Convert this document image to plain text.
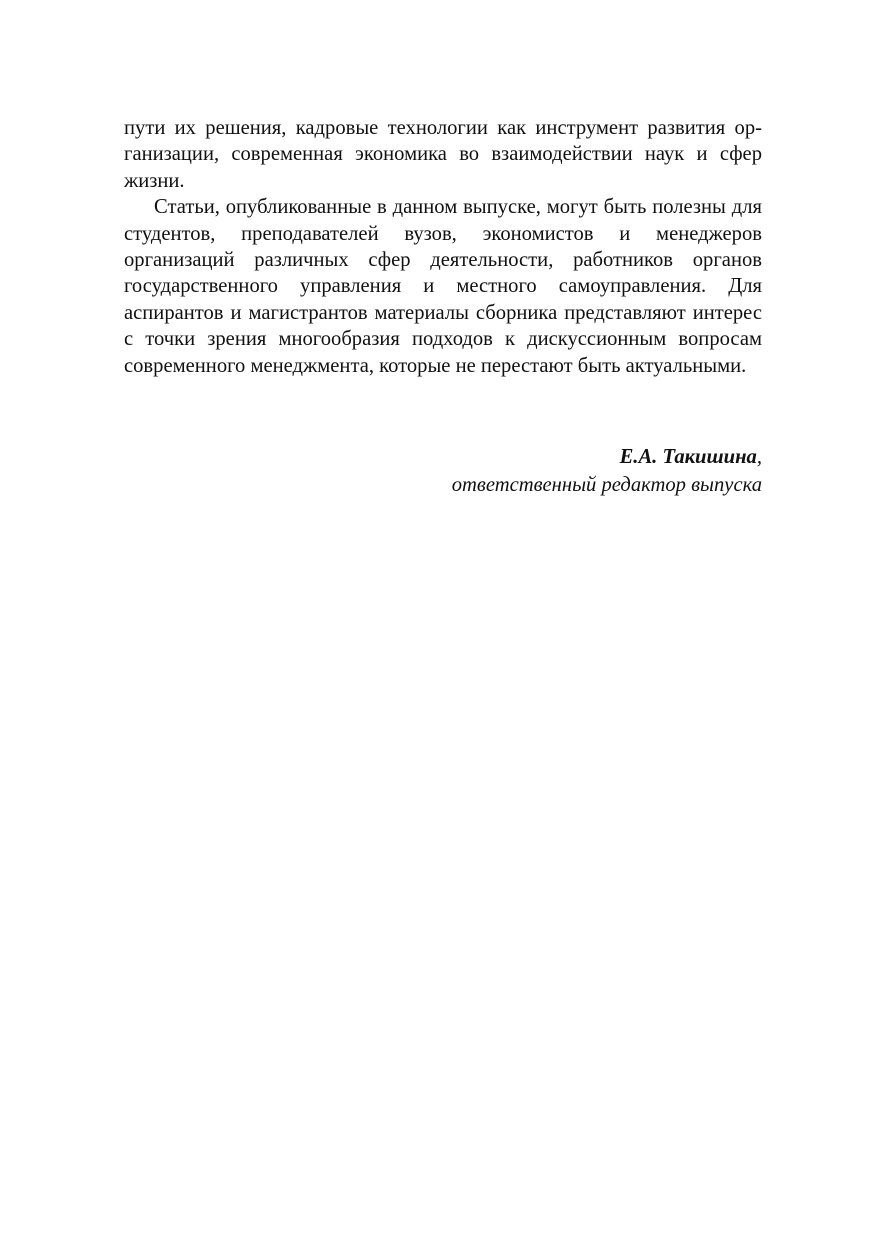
пути их решения, кадровые технологии как инструмент развития ор-ганизации, современная экономика во взаимодействии наук и сфер жизни.

Статьи, опубликованные в данном выпуске, могут быть полезны для студентов, преподавателей вузов, экономистов и менеджеров организаций различных сфер деятельности, работников органов государственного управления и местного самоуправления. Для аспирантов и магистрантов материалы сборника представляют интерес с точки зрения многообразия подходов к дискуссионным вопросам современного менеджмента, которые не перестают быть актуальными.

Е.А. Такишина,
ответственный редактор выпуска
